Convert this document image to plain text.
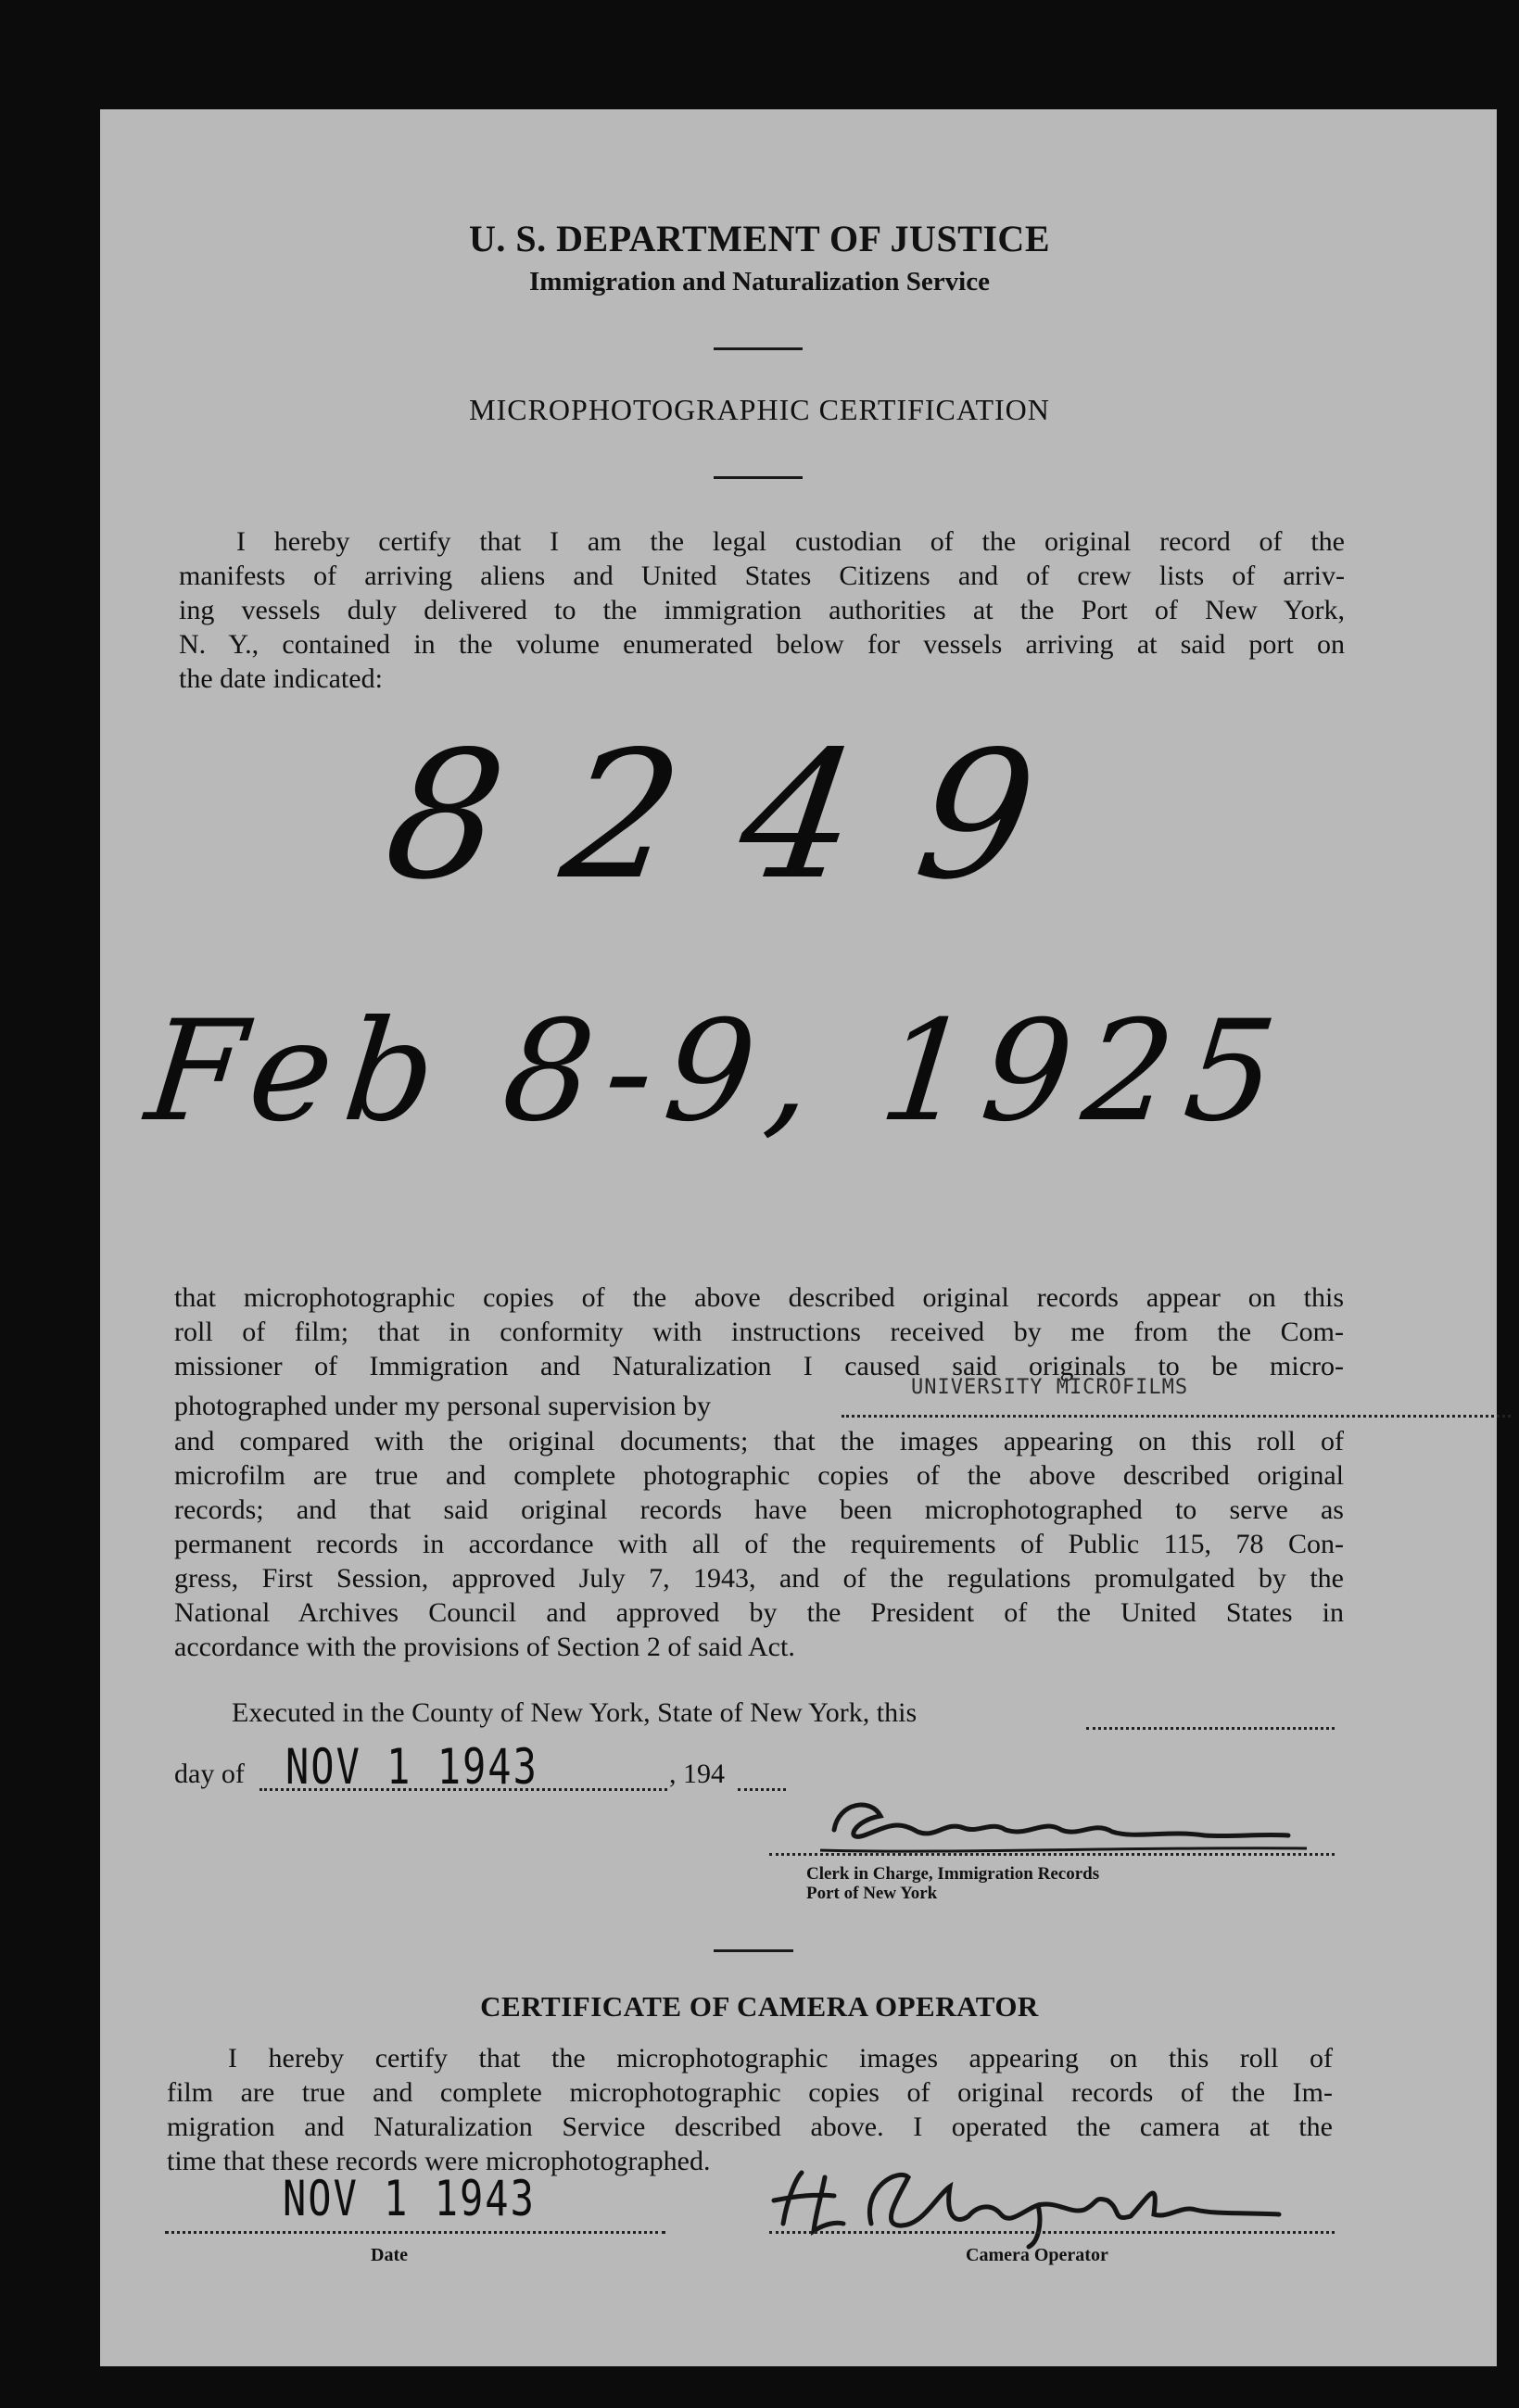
U. S. DEPARTMENT OF JUSTICE
Immigration and Naturalization Service
MICROPHOTOGRAPHIC CERTIFICATION
I hereby certify that I am the legal custodian of the original record of the
manifests of arriving aliens and United States Citizens and of crew lists of arriv-
ing vessels duly delivered to the immigration authorities at the Port of New York,
N. Y., contained in the volume enumerated below for vessels arriving at said port on
the date indicated:
8249
Feb 8-9, 1925
that microphotographic copies of the above described original records appear on this
roll of film; that in conformity with instructions received by me from the Com-
missioner of Immigration and Naturalization I caused said originals to be micro-
photographed under my personal supervision by
UNIVERSITY MICROFILMS
and compared with the original documents; that the images appearing on this roll of
microfilm are true and complete photographic copies of the above described original
records; and that said original records have been microphotographed to serve as
permanent records in accordance with all of the requirements of Public 115, 78 Con-
gress, First Session, approved July 7, 1943, and of the regulations promulgated by the
National Archives Council and approved by the President of the United States in
accordance with the provisions of Section 2 of said Act.
Executed in the County of New York, State of New York, this
day of NOV 1 1943	, 194
Clerk in Charge, Immigration Records
Port of New York
CERTIFICATE OF CAMERA OPERATOR
I hereby certify that the microphotographic images appearing on this roll of
film are true and complete microphotographic copies of original records of the Im-
migration and Naturalization Service described above. I operated the camera at the
time that these records were microphotographed.
NOV 1 1943
Date	Camera Operator
